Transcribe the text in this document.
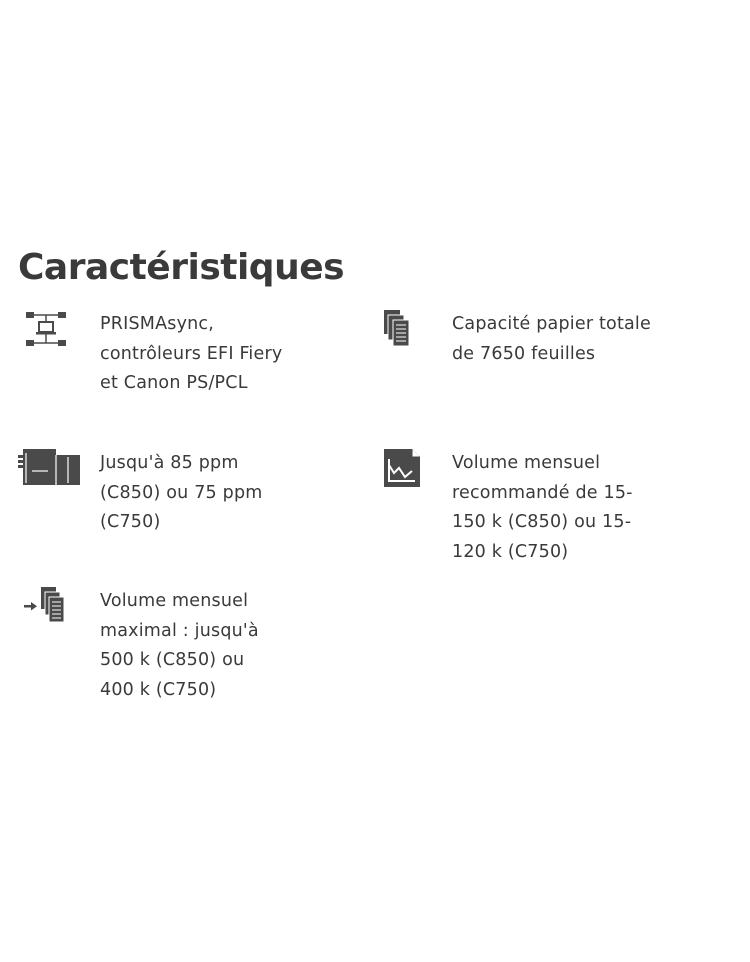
Caractéristiques
PRISMAsync,
contrôleurs EFI Fiery
et Canon PS/PCL
Capacité papier totale
de 7650 feuilles
Jusqu'à 85 ppm
(C850) ou 75 ppm
(C750)
Volume mensuel
recommandé de 15-
150 k (C850) ou 15-
120 k (C750)
Volume mensuel
maximal : jusqu'à
500 k (C850) ou
400 k (C750)
